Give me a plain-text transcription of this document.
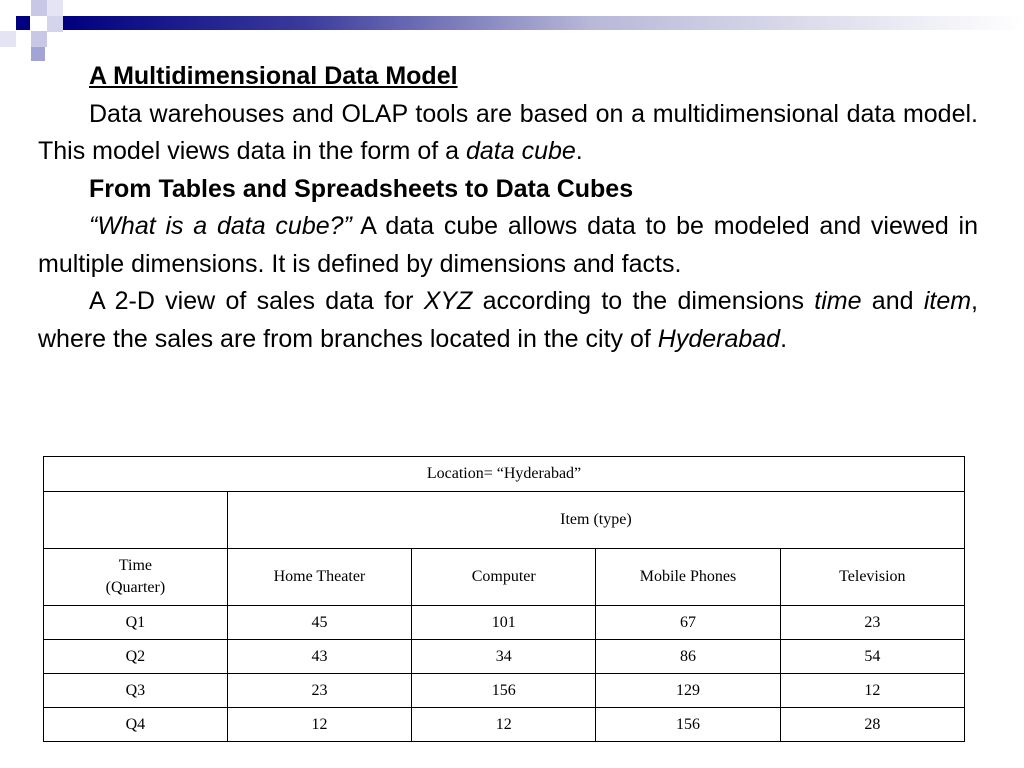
A Multidimensional Data Model

Data warehouses and OLAP tools are based on a multidimensional data model. This model views data in the form of a data cube.

From Tables and Spreadsheets to Data Cubes

“What is a data cube?” A data cube allows data to be modeled and viewed in multiple dimensions. It is defined by dimensions and facts.

A 2-D view of sales data for XYZ according to the dimensions time and item, where the sales are from branches located in the city of Hyderabad.

Location= “Hyderabad”				
	Item (type)			
Time
(Quarter)	Home Theater	Computer	Mobile Phones	Television
Q1	45	101	67	23
Q2	43	34	86	54
Q3	23	156	129	12
Q4	12	12	156	28
